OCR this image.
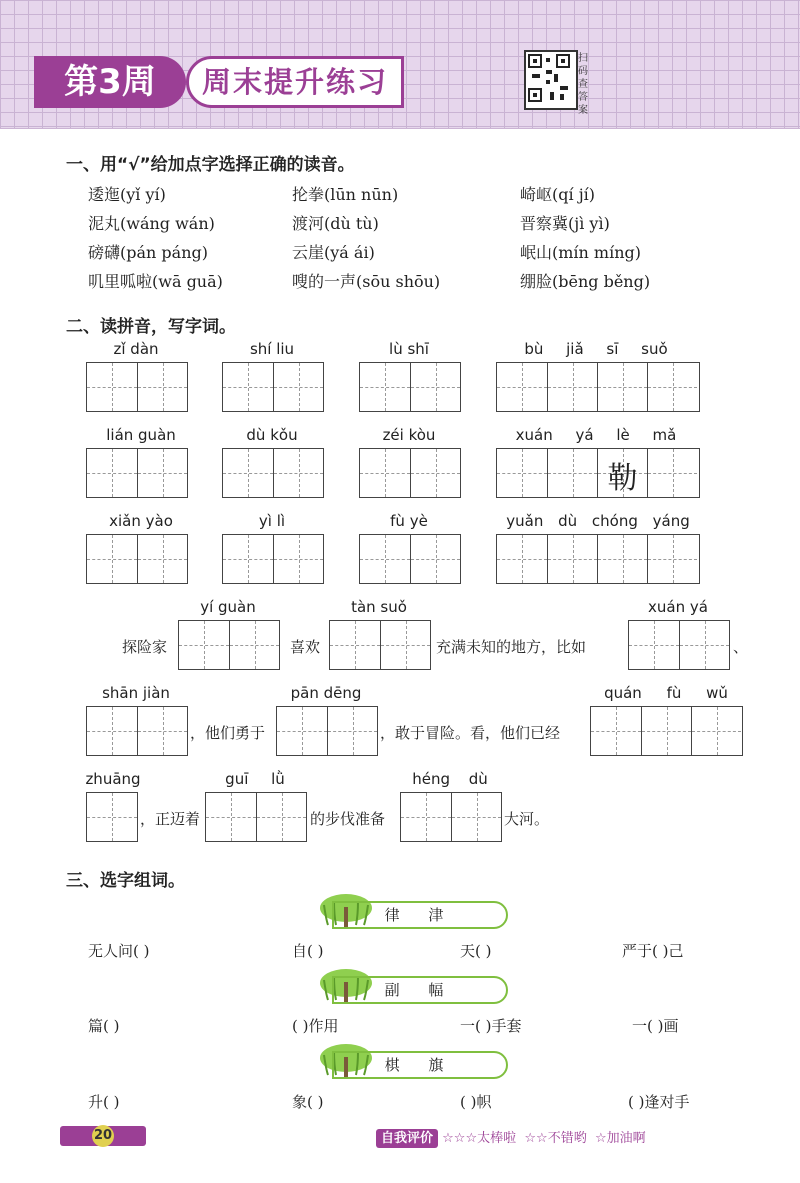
第3周	周末提升练习
扫码查答案
一、用“√”给加点字选择正确的读音。
逶迤(yǐ yí)	抡拳(lūn nūn)	崎岖(qí jí)
泥丸(wáng wán)	渡河(dù tù)	晋察冀(jì yì)
磅礴(pán páng)	云崖(yá ái)	岷山(mín míng)
叽里呱啦(wā guā)	嗖的一声(sōu shōu)	绷脸(bēng běng)
二、读拼音，写字词。
zǐ dàn	shí liu	lù shī	bù jiǎ sī suǒ
lián guàn	dù kǒu	zéi kòu	xuán yá lè mǎ
勒
xiǎn yào	yì lì	fù yè	yuǎn dù chóng yáng
yí guàn	tàn suǒ	xuán yá
探险家	喜欢	充满未知的地方，比如	、
shān jiàn	pān dēng	quán fù wǔ
，他们勇于	，敢于冒险。看，他们已经
zhuāng	guī lǜ	héng dù
，正迈着	的步伐准备	大河。
三、选字组词。
律 津
无人问( )	自( )	天( )	严于( )己
副 幅
篇( )	( )作用	一( )手套	一( )画
棋 旗
升( )	象( )	( )帜	( )逢对手
20	自我评价 ☆☆☆太棒啦 ☆☆不错哟 ☆加油啊
